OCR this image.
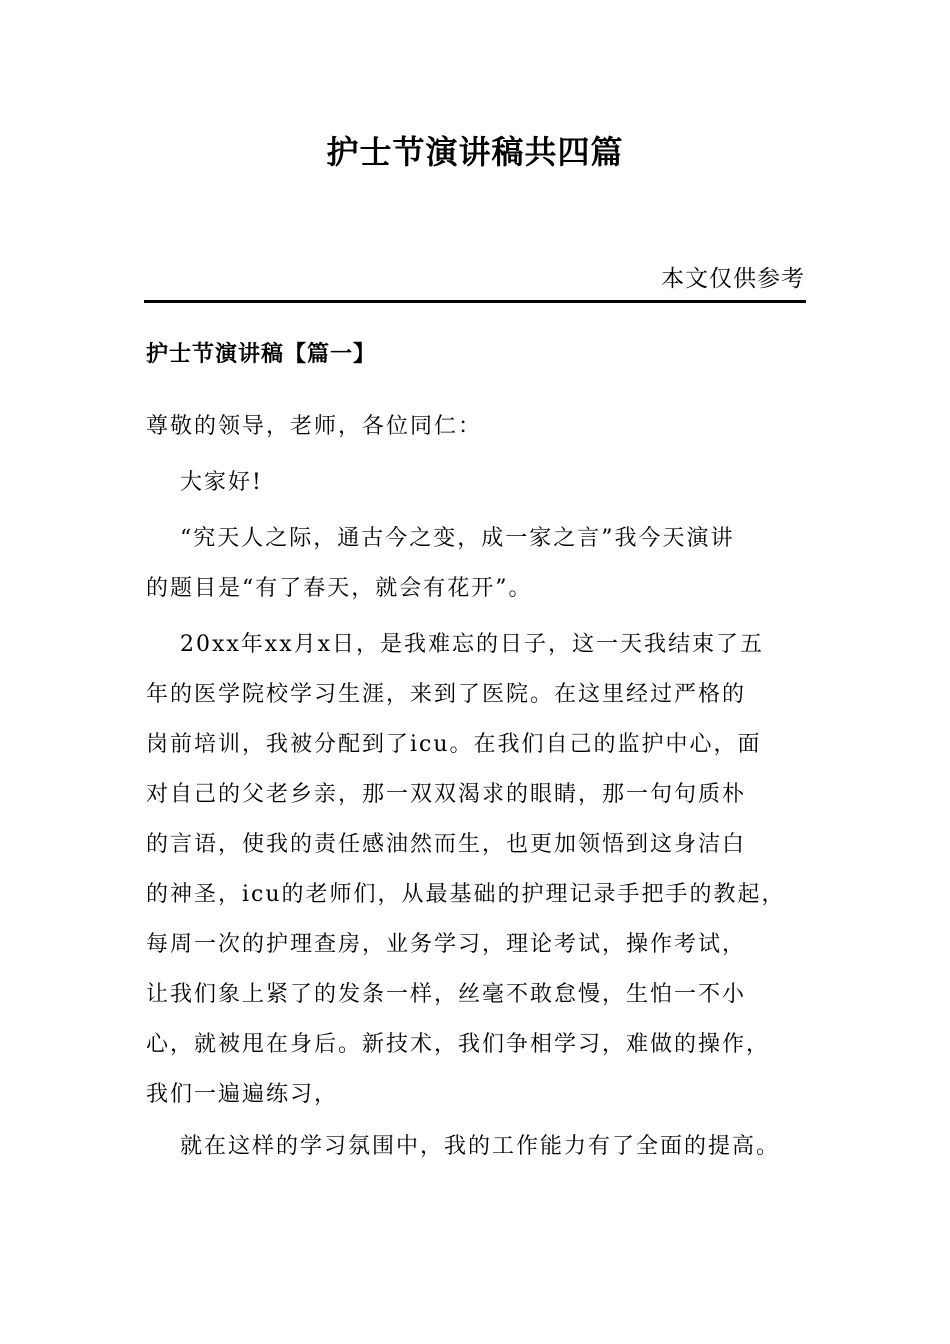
护士节演讲稿共四篇
本文仅供参考
护士节演讲稿【篇一】
尊敬的领导，老师，各位同仁：
大家好!
“究天人之际，通古今之变，成一家之言”我今天演讲
的题目是“有了春天，就会有花开”。
20xx年xx月x日，是我难忘的日子，这一天我结束了五
年的医学院校学习生涯，来到了医院。在这里经过严格的
岗前培训，我被分配到了icu。在我们自己的监护中心，面
对自己的父老乡亲，那一双双渴求的眼睛，那一句句质朴
的言语，使我的责任感油然而生，也更加领悟到这身洁白
的神圣，icu的老师们，从最基础的护理记录手把手的教起，
每周一次的护理查房，业务学习，理论考试，操作考试，
让我们象上紧了的发条一样，丝毫不敢怠慢，生怕一不小
心，就被甩在身后。新技术，我们争相学习，难做的操作，
我们一遍遍练习，
就在这样的学习氛围中，我的工作能力有了全面的提高。
